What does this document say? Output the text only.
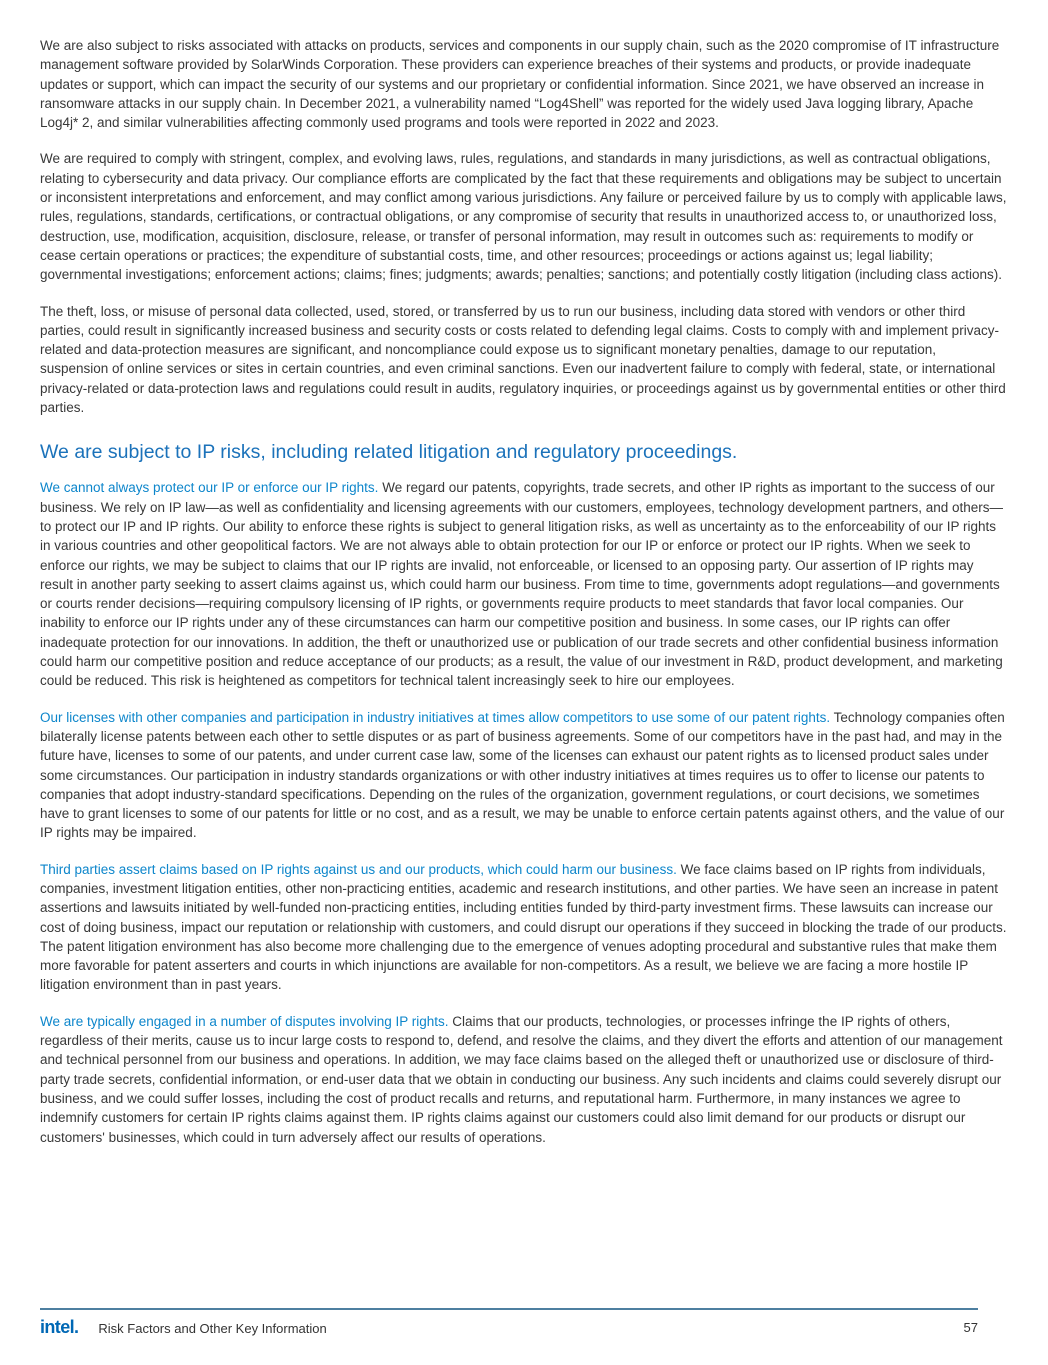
We are also subject to risks associated with attacks on products, services and components in our supply chain, such as the 2020 compromise of IT infrastructure management software provided by SolarWinds Corporation. These providers can experience breaches of their systems and products, or provide inadequate updates or support, which can impact the security of our systems and our proprietary or confidential information. Since 2021, we have observed an increase in ransomware attacks in our supply chain. In December 2021, a vulnerability named “Log4Shell” was reported for the widely used Java logging library, Apache Log4j* 2, and similar vulnerabilities affecting commonly used programs and tools were reported in 2022 and 2023.

We are required to comply with stringent, complex, and evolving laws, rules, regulations, and standards in many jurisdictions, as well as contractual obligations, relating to cybersecurity and data privacy. Our compliance efforts are complicated by the fact that these requirements and obligations may be subject to uncertain or inconsistent interpretations and enforcement, and may conflict among various jurisdictions. Any failure or perceived failure by us to comply with applicable laws, rules, regulations, standards, certifications, or contractual obligations, or any compromise of security that results in unauthorized access to, or unauthorized loss, destruction, use, modification, acquisition, disclosure, release, or transfer of personal information, may result in outcomes such as: requirements to modify or cease certain operations or practices; the expenditure of substantial costs, time, and other resources; proceedings or actions against us; legal liability; governmental investigations; enforcement actions; claims; fines; judgments; awards; penalties; sanctions; and potentially costly litigation (including class actions).

The theft, loss, or misuse of personal data collected, used, stored, or transferred by us to run our business, including data stored with vendors or other third parties, could result in significantly increased business and security costs or costs related to defending legal claims. Costs to comply with and implement privacy-related and data-protection measures are significant, and noncompliance could expose us to significant monetary penalties, damage to our reputation, suspension of online services or sites in certain countries, and even criminal sanctions. Even our inadvertent failure to comply with federal, state, or international privacy-related or data-protection laws and regulations could result in audits, regulatory inquiries, or proceedings against us by governmental entities or other third parties.

We are subject to IP risks, including related litigation and regulatory proceedings.

We cannot always protect our IP or enforce our IP rights. We regard our patents, copyrights, trade secrets, and other IP rights as important to the success of our business. We rely on IP law—as well as confidentiality and licensing agreements with our customers, employees, technology development partners, and others—to protect our IP and IP rights. Our ability to enforce these rights is subject to general litigation risks, as well as uncertainty as to the enforceability of our IP rights in various countries and other geopolitical factors. We are not always able to obtain protection for our IP or enforce or protect our IP rights. When we seek to enforce our rights, we may be subject to claims that our IP rights are invalid, not enforceable, or licensed to an opposing party. Our assertion of IP rights may result in another party seeking to assert claims against us, which could harm our business. From time to time, governments adopt regulations—and governments or courts render decisions—requiring compulsory licensing of IP rights, or governments require products to meet standards that favor local companies. Our inability to enforce our IP rights under any of these circumstances can harm our competitive position and business. In some cases, our IP rights can offer inadequate protection for our innovations. In addition, the theft or unauthorized use or publication of our trade secrets and other confidential business information could harm our competitive position and reduce acceptance of our products; as a result, the value of our investment in R&D, product development, and marketing could be reduced. This risk is heightened as competitors for technical talent increasingly seek to hire our employees.

Our licenses with other companies and participation in industry initiatives at times allow competitors to use some of our patent rights. Technology companies often bilaterally license patents between each other to settle disputes or as part of business agreements. Some of our competitors have in the past had, and may in the future have, licenses to some of our patents, and under current case law, some of the licenses can exhaust our patent rights as to licensed product sales under some circumstances. Our participation in industry standards organizations or with other industry initiatives at times requires us to offer to license our patents to companies that adopt industry-standard specifications. Depending on the rules of the organization, government regulations, or court decisions, we sometimes have to grant licenses to some of our patents for little or no cost, and as a result, we may be unable to enforce certain patents against others, and the value of our IP rights may be impaired.

Third parties assert claims based on IP rights against us and our products, which could harm our business. We face claims based on IP rights from individuals, companies, investment litigation entities, other non-practicing entities, academic and research institutions, and other parties. We have seen an increase in patent assertions and lawsuits initiated by well-funded non-practicing entities, including entities funded by third-party investment firms. These lawsuits can increase our cost of doing business, impact our reputation or relationship with customers, and could disrupt our operations if they succeed in blocking the trade of our products. The patent litigation environment has also become more challenging due to the emergence of venues adopting procedural and substantive rules that make them more favorable for patent asserters and courts in which injunctions are available for non-competitors. As a result, we believe we are facing a more hostile IP litigation environment than in past years.

We are typically engaged in a number of disputes involving IP rights. Claims that our products, technologies, or processes infringe the IP rights of others, regardless of their merits, cause us to incur large costs to respond to, defend, and resolve the claims, and they divert the efforts and attention of our management and technical personnel from our business and operations. In addition, we may face claims based on the alleged theft or unauthorized use or disclosure of third-party trade secrets, confidential information, or end-user data that we obtain in conducting our business. Any such incidents and claims could severely disrupt our business, and we could suffer losses, including the cost of product recalls and returns, and reputational harm. Furthermore, in many instances we agree to indemnify customers for certain IP rights claims against them. IP rights claims against our customers could also limit demand for our products or disrupt our customers' businesses, which could in turn adversely affect our results of operations.

intel. Risk Factors and Other Key Information	57
